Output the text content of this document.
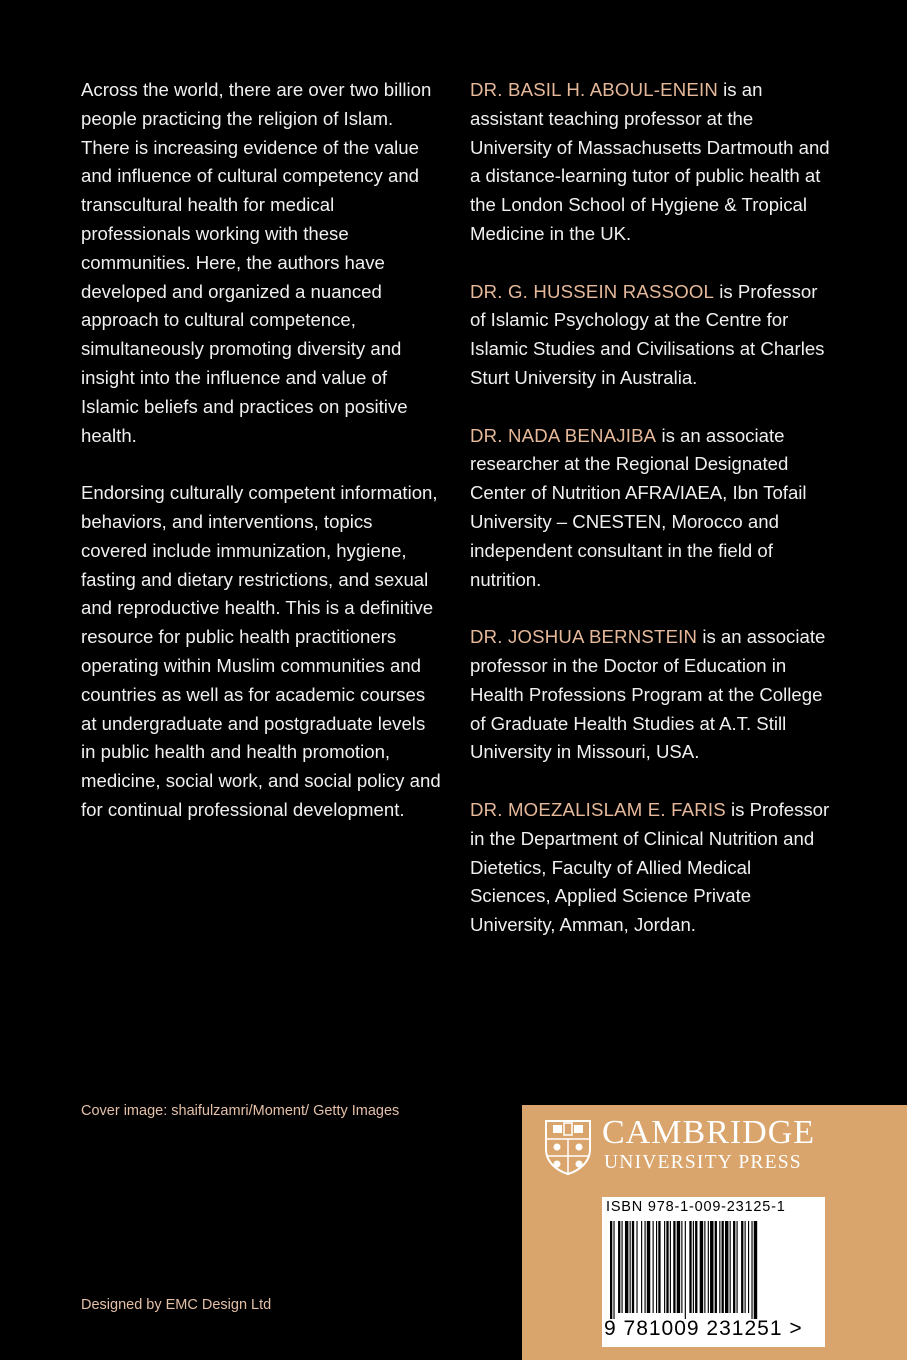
Across the world, there are over two billion people practicing the religion of Islam. There is increasing evidence of the value and influence of cultural competency and transcultural health for medical professionals working with these communities. Here, the authors have developed and organized a nuanced approach to cultural competence, simultaneously promoting diversity and insight into the influence and value of Islamic beliefs and practices on positive health.

Endorsing culturally competent information, behaviors, and interventions, topics covered include immunization, hygiene, fasting and dietary restrictions, and sexual and reproductive health. This is a definitive resource for public health practitioners operating within Muslim communities and countries as well as for academic courses at undergraduate and postgraduate levels in public health and health promotion, medicine, social work, and social policy and for continual professional development.

DR. BASIL H. ABOUL-ENEIN is an assistant teaching professor at the University of Massachusetts Dartmouth and a distance-learning tutor of public health at the London School of Hygiene & Tropical Medicine in the UK.

DR. G. HUSSEIN RASSOOL is Professor of Islamic Psychology at the Centre for Islamic Studies and Civilisations at Charles Sturt University in Australia.

DR. NADA BENAJIBA is an associate researcher at the Regional Designated Center of Nutrition AFRA/IAEA, Ibn Tofail University – CNESTEN, Morocco and independent consultant in the field of nutrition.

DR. JOSHUA BERNSTEIN is an associate professor in the Doctor of Education in Health Professions Program at the College of Graduate Health Studies at A.T. Still University in Missouri, USA.

DR. MOEZALISLAM E. FARIS is Professor in the Department of Clinical Nutrition and Dietetics, Faculty of Allied Medical Sciences, Applied Science Private University, Amman, Jordan.

Cover image: shaifulzamri/Moment/ Getty Images
Designed by EMC Design Ltd
CAMBRIDGE
UNIVERSITY PRESS
ISBN 978-1-009-23125-1
9 781009 231251 >
